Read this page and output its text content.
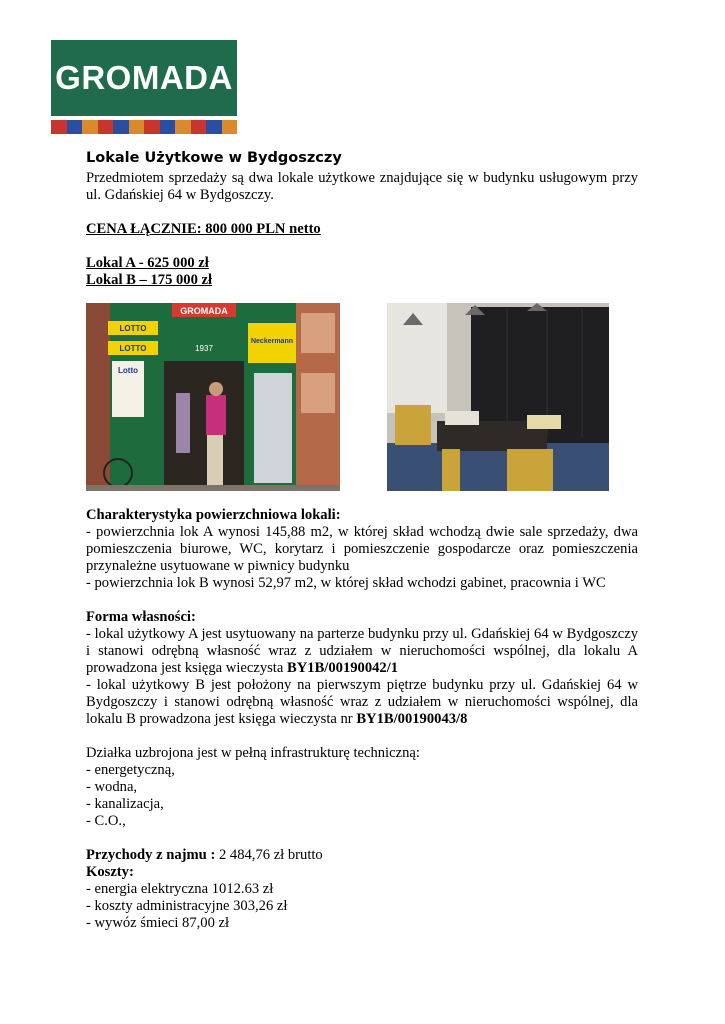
GROMADA
Lokale Użytkowe w Bydgoszczy

Przedmiotem sprzedaży są dwa lokale użytkowe znajdujące się w budynku usługowym przy ul. Gdańskiej 64 w Bydgoszczy.

CENA ŁĄCZNIE: 800 000 PLN netto

Lokal A - 625 000 zł

Lokal B – 175 000 zł

GROMADA
1937
LOTTO
LOTTO
Neckermann
Lotto

Charakterystyka powierzchniowa lokali:

- powierzchnia lok A wynosi 145,88 m2, w której skład wchodzą dwie sale sprzedaży, dwa pomieszczenia biurowe, WC, korytarz i pomieszczenie gospodarcze oraz pomieszczenia przynależne usytuowane w piwnicy budynku

- powierzchnia lok B wynosi 52,97 m2, w której skład wchodzi gabinet, pracownia i WC

Forma własności:

- lokal użytkowy A jest usytuowany na parterze budynku przy ul. Gdańskiej 64 w Bydgoszczy i stanowi odrębną własność wraz z udziałem w nieruchomości wspólnej, dla lokalu A prowadzona jest księga wieczysta BY1B/00190042/1

- lokal użytkowy B jest położony na pierwszym piętrze budynku przy ul. Gdańskiej 64 w Bydgoszczy i stanowi odrębną własność wraz z udziałem w nieruchomości wspólnej, dla lokalu B prowadzona jest księga wieczysta nr BY1B/00190043/8

Działka uzbrojona jest w pełną infrastrukturę techniczną:

- energetyczną,

- wodna,

- kanalizacja,

- C.O.,

Przychody z najmu : 2 484,76 zł brutto

Koszty:

- energia elektryczna 1012.63 zł

- koszty administracyjne 303,26 zł

- wywóz śmieci 87,00 zł
